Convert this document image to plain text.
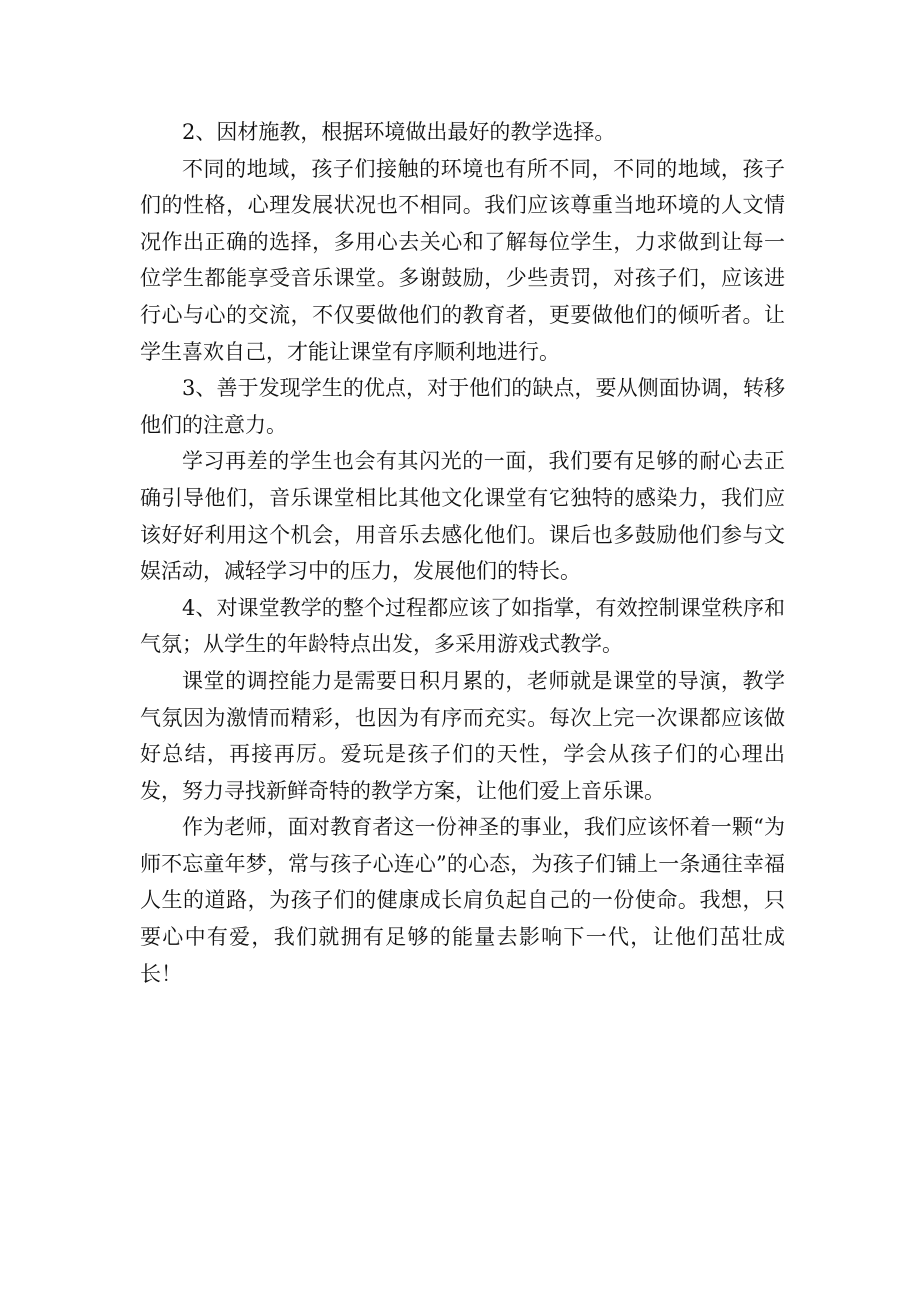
2、因材施教，根据环境做出最好的教学选择。

不同的地域，孩子们接触的环境也有所不同，不同的地域，孩子们的性格，心理发展状况也不相同。我们应该尊重当地环境的人文情况作出正确的选择，多用心去关心和了解每位学生，力求做到让每一位学生都能享受音乐课堂。多谢鼓励，少些责罚，对孩子们，应该进行心与心的交流，不仅要做他们的教育者，更要做他们的倾听者。让学生喜欢自己，才能让课堂有序顺利地进行。

3、善于发现学生的优点，对于他们的缺点，要从侧面协调，转移他们的注意力。

学习再差的学生也会有其闪光的一面，我们要有足够的耐心去正确引导他们，音乐课堂相比其他文化课堂有它独特的感染力，我们应该好好利用这个机会，用音乐去感化他们。课后也多鼓励他们参与文娱活动，减轻学习中的压力，发展他们的特长。

4、对课堂教学的整个过程都应该了如指掌，有效控制课堂秩序和气氛；从学生的年龄特点出发，多采用游戏式教学。

课堂的调控能力是需要日积月累的，老师就是课堂的导演，教学气氛因为激情而精彩，也因为有序而充实。每次上完一次课都应该做好总结，再接再厉。爱玩是孩子们的天性，学会从孩子们的心理出发，努力寻找新鲜奇特的教学方案，让他们爱上音乐课。

作为老师，面对教育者这一份神圣的事业，我们应该怀着一颗“为师不忘童年梦，常与孩子心连心”的心态，为孩子们铺上一条通往幸福人生的道路，为孩子们的健康成长肩负起自己的一份使命。我想，只要心中有爱，我们就拥有足够的能量去影响下一代，让他们茁壮成长！
